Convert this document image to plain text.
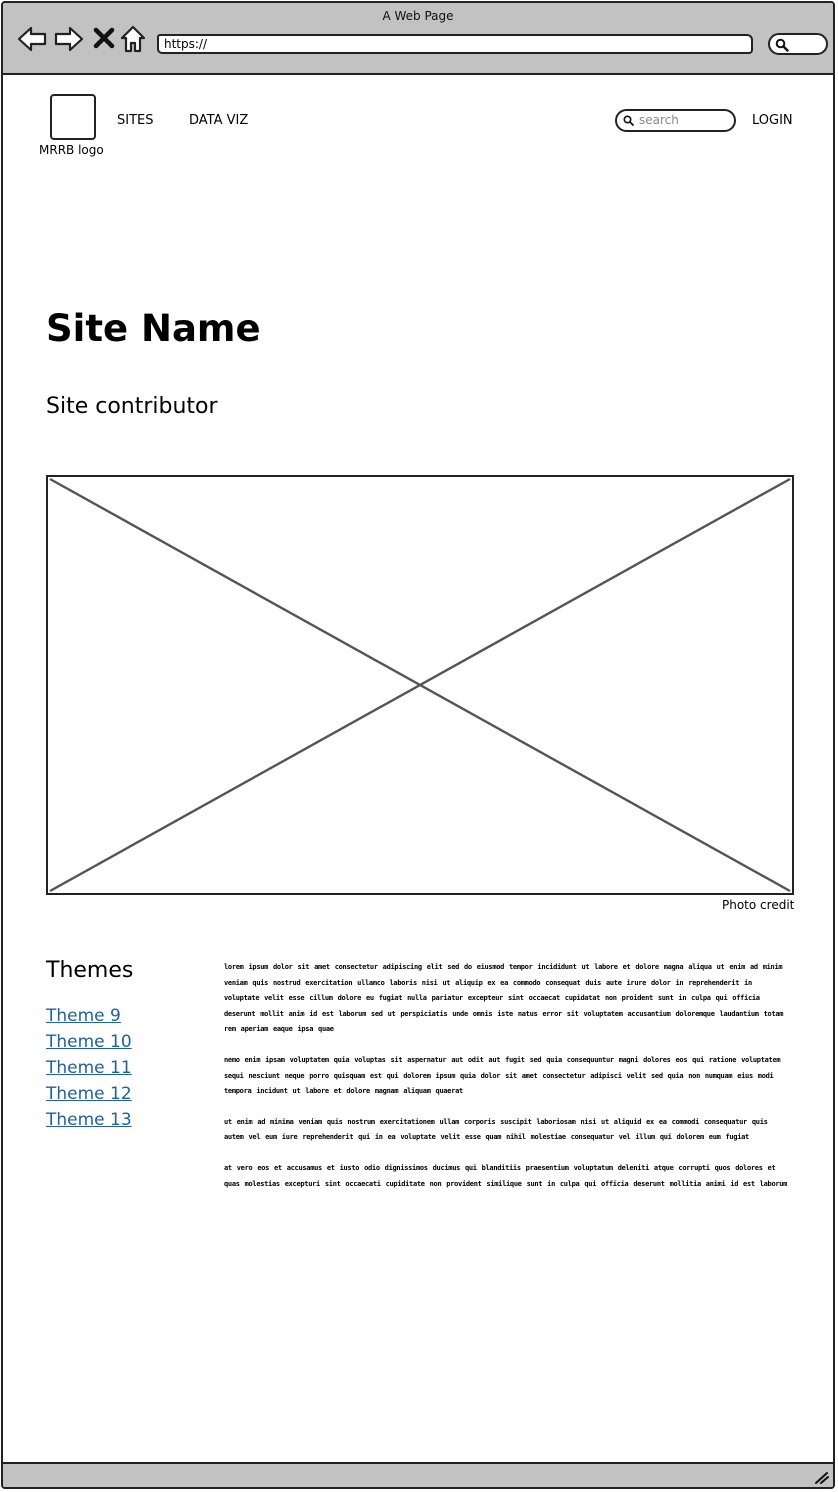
A Web Page
https://
MRRB logo
SITES	DATA VIZ	search	LOGIN
Site Name
Site contributor
Photo credit
Themes
Theme 9
Theme 10
Theme 11
Theme 12
Theme 13

lorem ipsum dolor sit amet consectetur adipiscing elit sed do eiusmod tempor incididunt ut labore et dolore magna aliqua ut enim ad minim veniam quis nostrud exercitation ullamco laboris nisi ut aliquip ex ea commodo consequat duis aute irure dolor in reprehenderit in voluptate velit esse cillum dolore eu fugiat nulla pariatur excepteur sint occaecat cupidatat non proident sunt in culpa qui officia deserunt mollit anim id est laborum sed ut perspiciatis unde omnis iste natus error sit voluptatem accusantium doloremque laudantium totam rem aperiam eaque ipsa quae

nemo enim ipsam voluptatem quia voluptas sit aspernatur aut odit aut fugit sed quia consequuntur magni dolores eos qui ratione voluptatem sequi nesciunt neque porro quisquam est qui dolorem ipsum quia dolor sit amet consectetur adipisci velit sed quia non numquam eius modi tempora incidunt ut labore et dolore magnam aliquam quaerat

ut enim ad minima veniam quis nostrum exercitationem ullam corporis suscipit laboriosam nisi ut aliquid ex ea commodi consequatur quis autem vel eum iure reprehenderit qui in ea voluptate velit esse quam nihil molestiae consequatur vel illum qui dolorem eum fugiat

at vero eos et accusamus et iusto odio dignissimos ducimus qui blanditiis praesentium voluptatum deleniti atque corrupti quos dolores et quas molestias excepturi sint occaecati cupiditate non provident similique sunt in culpa qui officia deserunt mollitia animi id est laborum
